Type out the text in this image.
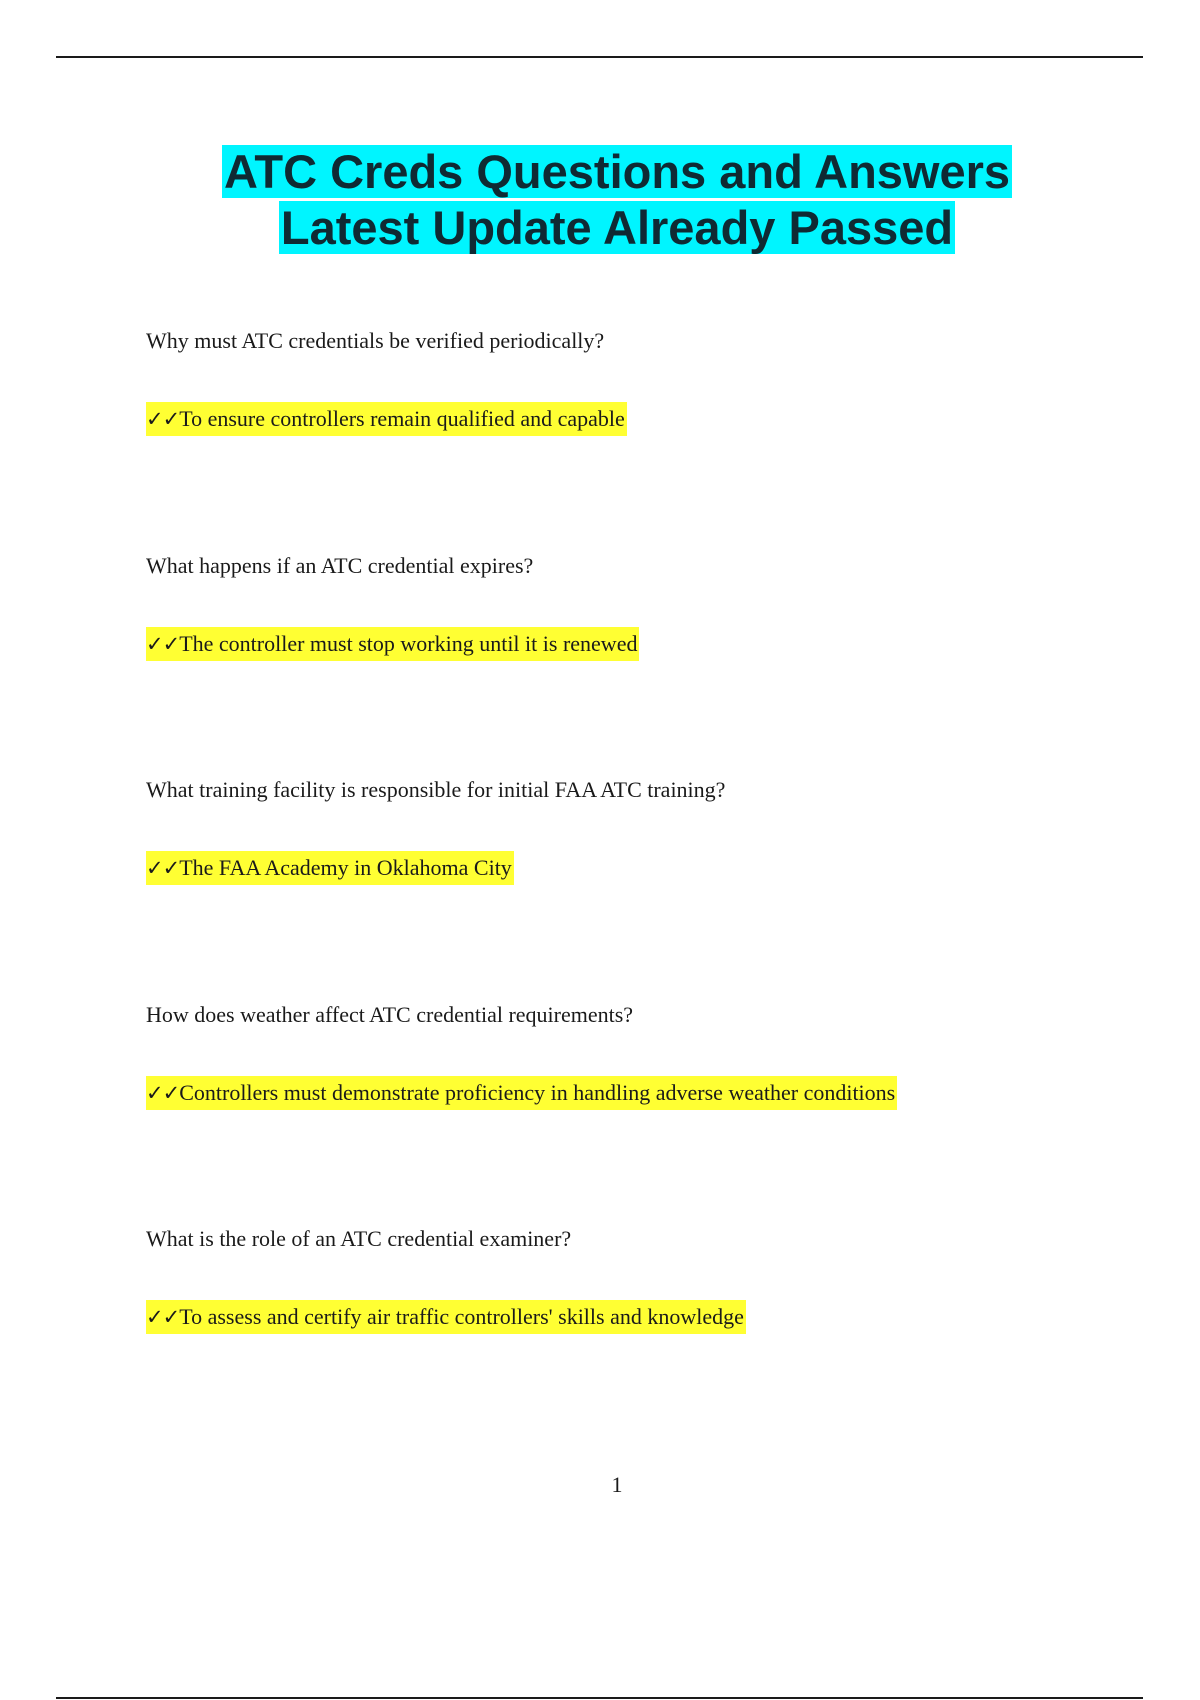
ATC Creds Questions and Answers
Latest Update Already Passed
Why must ATC credentials be verified periodically?
✓✓To ensure controllers remain qualified and capable
What happens if an ATC credential expires?
✓✓The controller must stop working until it is renewed
What training facility is responsible for initial FAA ATC training?
✓✓The FAA Academy in Oklahoma City
How does weather affect ATC credential requirements?
✓✓Controllers must demonstrate proficiency in handling adverse weather conditions
What is the role of an ATC credential examiner?
✓✓To assess and certify air traffic controllers' skills and knowledge
1
